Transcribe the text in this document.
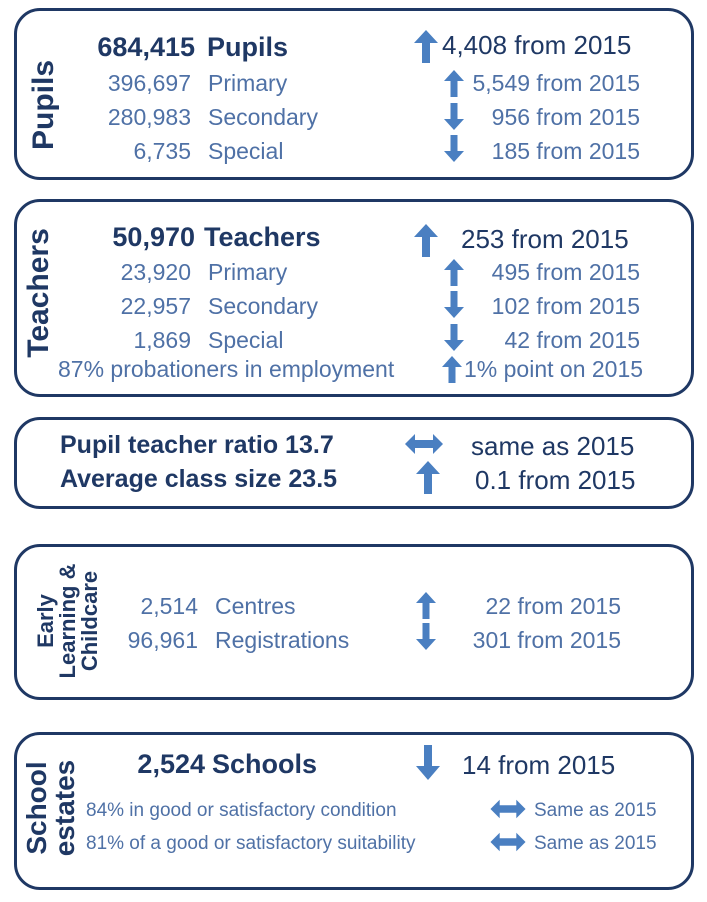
Pupils
684,415 Pupils	4,408 from 2015
396,697 Primary	5,549 from 2015
280,983 Secondary	956 from 2015
6,735 Special	185 from 2015
Teachers 50,970 Teachers	253 from 2015
23,920 Primary	495 from 2015
22,957 Secondary	102 from 2015
1,869 Special	42 from 2015
87% probationers in employment	1% point on 2015
Pupil teacher ratio 13.7	same as 2015
Average class size 23.5	0.1 from 2015
Early
Learning &
Childcare 2,514 Centres	22 from 2015
96,961 Registrations	301 from 2015
School
estates 2,524 Schools	14 from 2015
84% in good or satisfactory condition	Same as 2015
81% of a good or satisfactory suitability	Same as 2015
